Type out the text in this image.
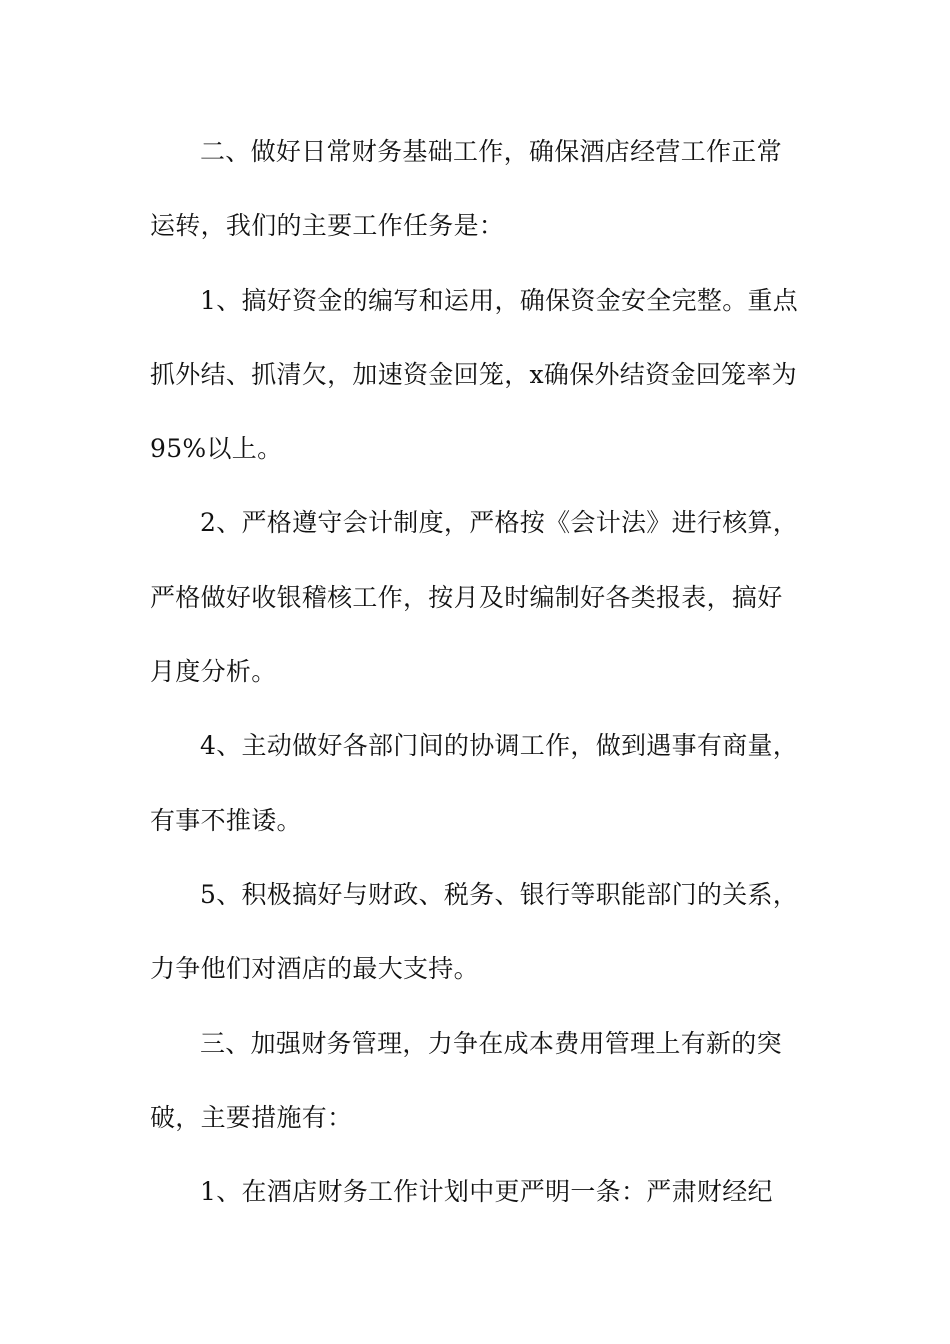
二、做好日常财务基础工作，确保酒店经营工作正常
运转，我们的主要工作任务是：
1、搞好资金的编写和运用，确保资金安全完整。重点
抓外结、抓清欠，加速资金回笼，x确保外结资金回笼率为
95%以上。
2、严格遵守会计制度，严格按《会计法》进行核算，
严格做好收银稽核工作，按月及时编制好各类报表，搞好
月度分析。
4、主动做好各部门间的协调工作，做到遇事有商量，
有事不推诿。
5、积极搞好与财政、税务、银行等职能部门的关系，
力争他们对酒店的最大支持。
三、加强财务管理，力争在成本费用管理上有新的突
破，主要措施有：
1、在酒店财务工作计划中更严明一条：严肃财经纪
